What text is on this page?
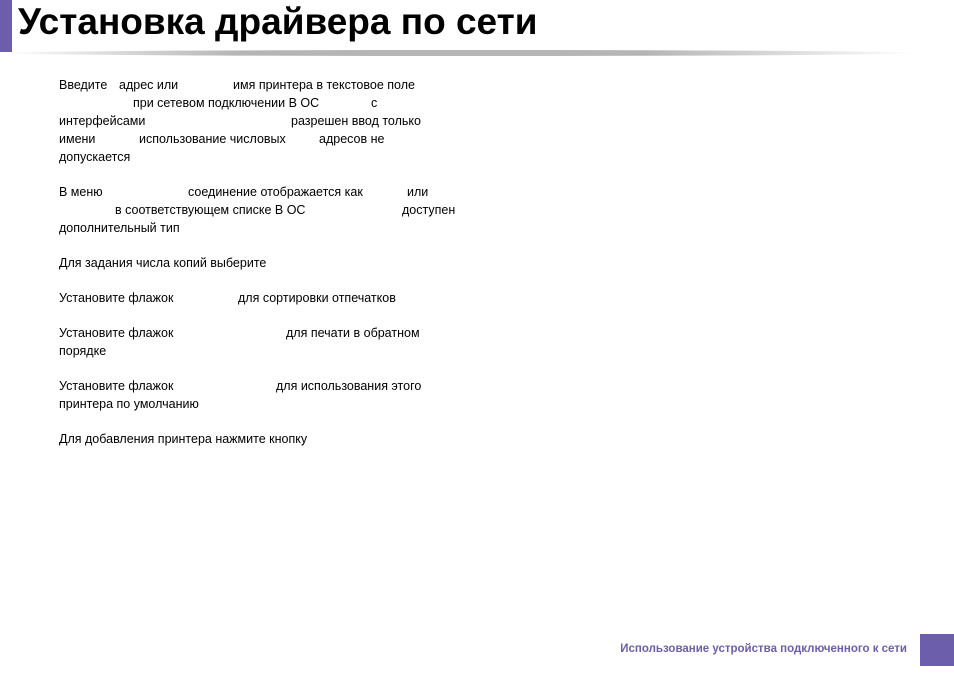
Установка драйвера по сети
Введите адрес или	имя принтера в текстовое поле
при сетевом подключении В ОС	с
интерфейсами	разрешен ввод только
имени	использование числовых	адресов не
допускается
В меню	соединение отображается как	или
в соответствующем списке В ОС	доступен
дополнительный тип
Для задания числа копий выберите
Установите флажок	для сортировки отпечатков
Установите флажок	для печати в обратном
порядке
Установите флажок	для использования этого
принтера по умолчанию
Для добавления принтера нажмите кнопку
Использование устройства подключенного к сети
